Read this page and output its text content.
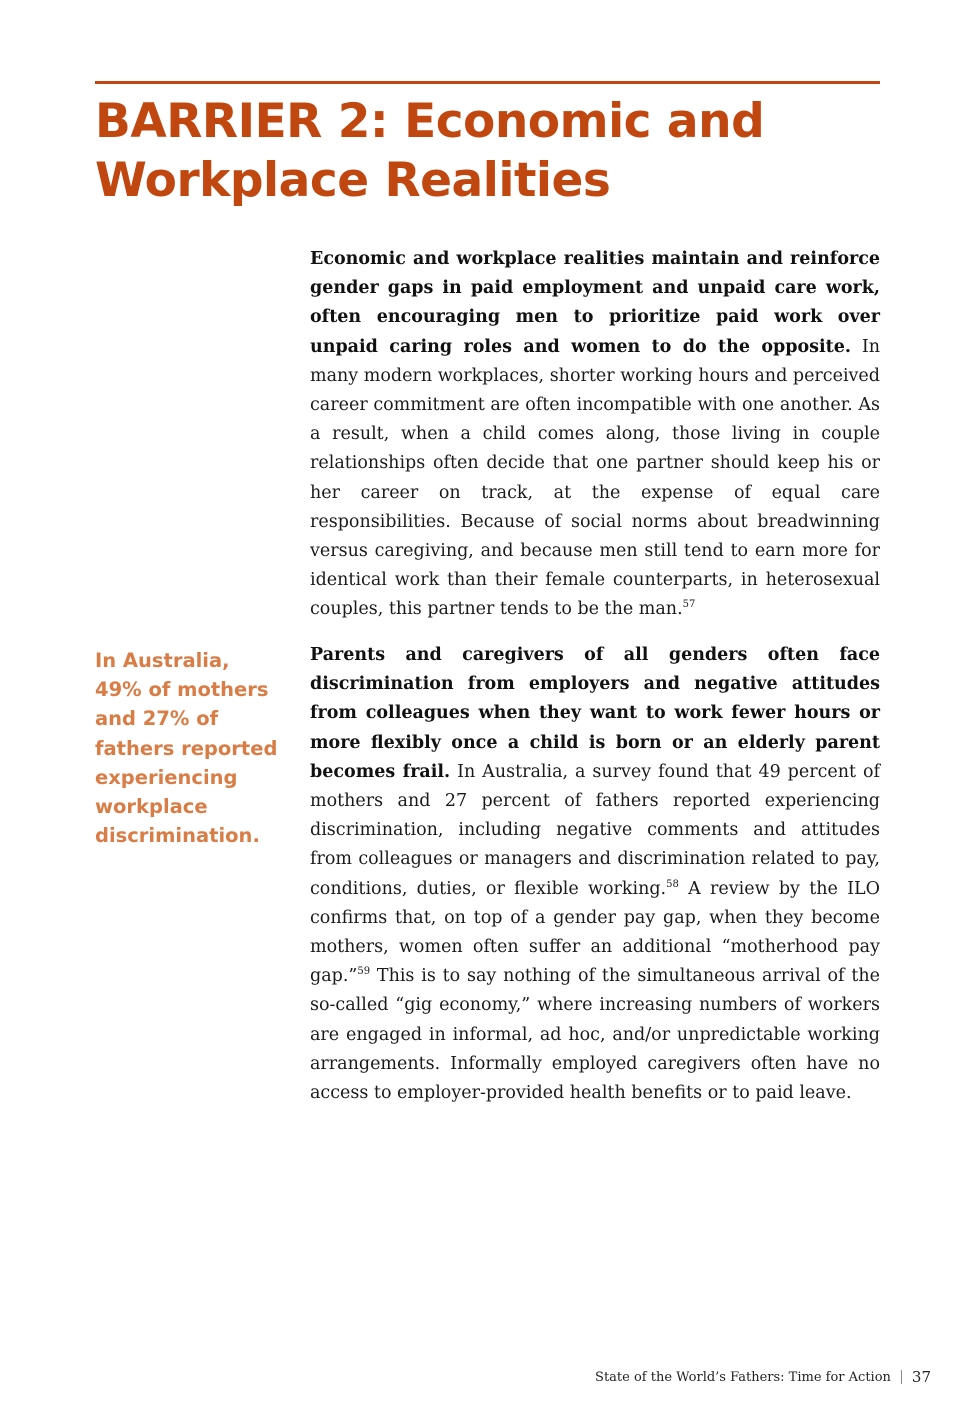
BARRIER 2: Economic and
Workplace Realities

Economic and workplace realities maintain and reinforce gender gaps in paid employment and unpaid care work, often encouraging men to prioritize paid work over unpaid caring roles and women to do the opposite. In many modern workplaces, shorter working hours and perceived career commitment are often incompatible with one another. As a result, when a child comes along, those living in couple relationships often decide that one partner should keep his or her career on track, at the expense of equal care responsibilities. Because of social norms about breadwinning versus caregiving, and because men still tend to earn more for identical work than their female counterparts, in heterosexual couples, this partner tends to be the man.$^{57}$

In Australia, 49% of mothers and 27% of fathers reported experiencing workplace discrimination.

Parents and caregivers of all genders often face discrimination from employers and negative attitudes from colleagues when they want to work fewer hours or more flexibly once a child is born or an elderly parent becomes frail. In Australia, a survey found that 49 percent of mothers and 27 percent of fathers reported experiencing discrimination, including negative comments and attitudes from colleagues or managers and discrimination related to pay, conditions, duties, or flexible working.$^{58}$ A review by the ILO confirms that, on top of a gender pay gap, when they become mothers, women often suffer an additional “motherhood pay gap.”$^{59}$ This is to say nothing of the simultaneous arrival of the so-called “gig economy,” where increasing numbers of workers are engaged in informal, ad hoc, and/or unpredictable working arrangements. Informally employed caregivers often have no access to employer-provided health benefits or to paid leave.

State of the World’s Fathers: Time for Action 37
